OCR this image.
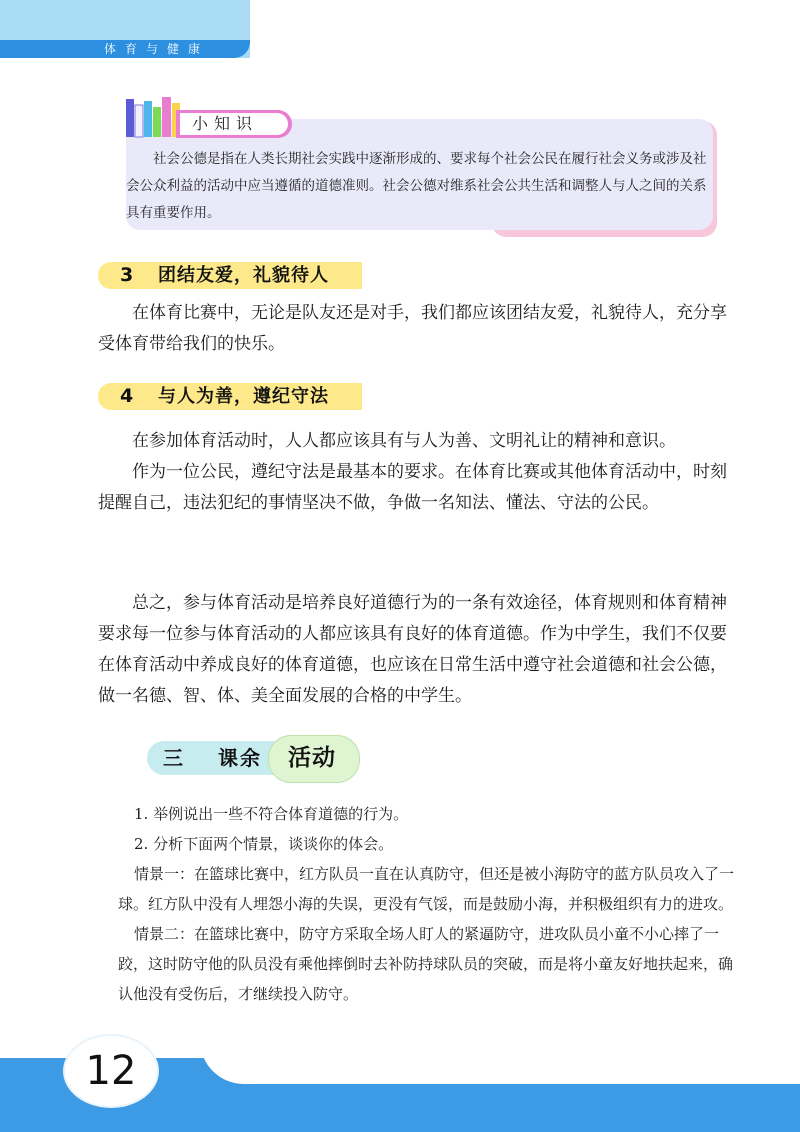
体育与健康
小知识
社会公德是指在人类长期社会实践中逐渐形成的、要求每个社会公民在履行社会义务或涉及社会公众利益的活动中应当遵循的道德准则。社会公德对维系社会公共生活和调整人与人之间的关系具有重要作用。
3 团结友爱，礼貌待人

在体育比赛中，无论是队友还是对手，我们都应该团结友爱，礼貌待人，充分享受体育带给我们的快乐。

4 与人为善，遵纪守法

在参加体育活动时，人人都应该具有与人为善、文明礼让的精神和意识。

作为一位公民，遵纪守法是最基本的要求。在体育比赛或其他体育活动中，时刻提醒自己，违法犯纪的事情坚决不做，争做一名知法、懂法、守法的公民。

总之，参与体育活动是培养良好道德行为的一条有效途径，体育规则和体育精神要求每一位参与体育活动的人都应该具有良好的体育道德。作为中学生，我们不仅要在体育活动中养成良好的体育道德，也应该在日常生活中遵守社会道德和社会公德，做一名德、智、体、美全面发展的合格的中学生。

三 课余 活动

1. 举例说出一些不符合体育道德的行为。

2. 分析下面两个情景，谈谈你的体会。

情景一：在篮球比赛中，红方队员一直在认真防守，但还是被小海防守的蓝方队员攻入了一球。红方队中没有人埋怨小海的失误，更没有气馁，而是鼓励小海，并积极组织有力的进攻。

情景二：在篮球比赛中，防守方采取全场人盯人的紧逼防守，进攻队员小童不小心摔了一跤，这时防守他的队员没有乘他摔倒时去补防持球队员的突破，而是将小童友好地扶起来，确认他没有受伤后，才继续投入防守。

12
